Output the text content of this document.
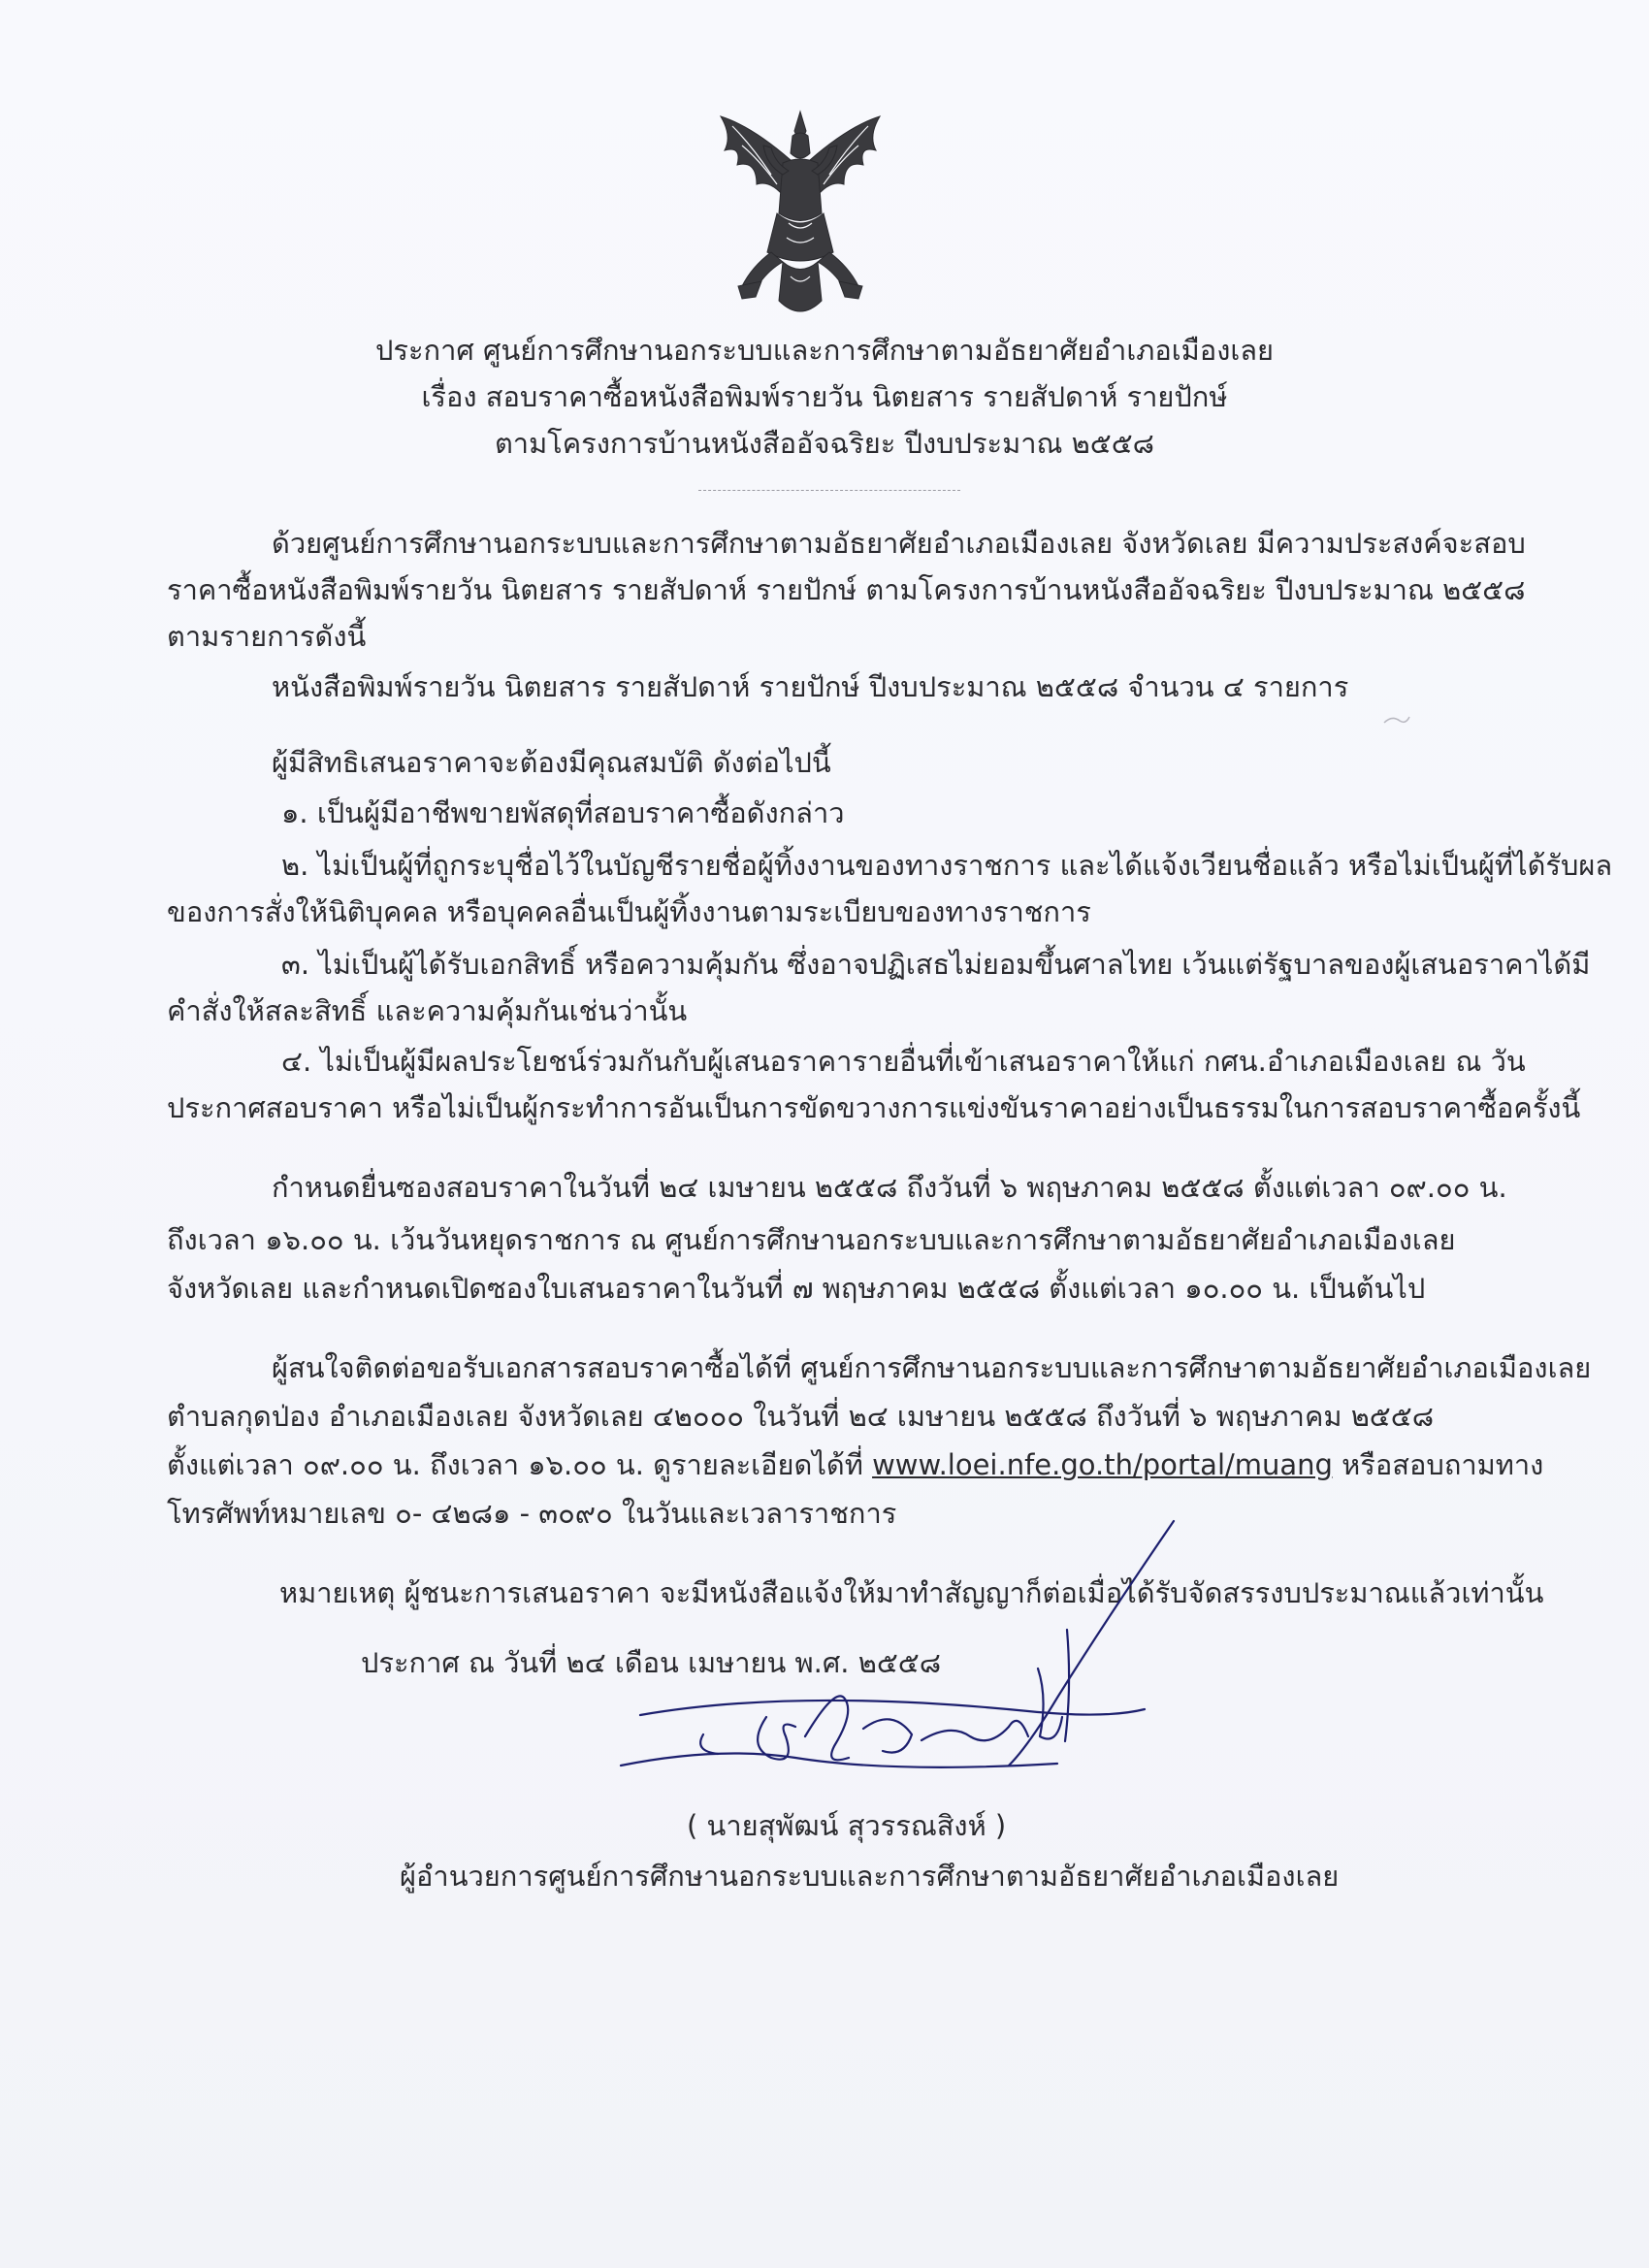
ประกาศ ศูนย์การศึกษานอกระบบและการศึกษาตามอัธยาศัยอำเภอเมืองเลย
เรื่อง สอบราคาซื้อหนังสือพิมพ์รายวัน นิตยสาร รายสัปดาห์ รายปักษ์
ตามโครงการบ้านหนังสืออัจฉริยะ ปีงบประมาณ ๒๕๕๘
ด้วยศูนย์การศึกษานอกระบบและการศึกษาตามอัธยาศัยอำเภอเมืองเลย จังหวัดเลย มีความประสงค์จะสอบ
ราคาซื้อหนังสือพิมพ์รายวัน นิตยสาร รายสัปดาห์ รายปักษ์ ตามโครงการบ้านหนังสืออัจฉริยะ ปีงบประมาณ ๒๕๕๘
ตามรายการดังนี้
หนังสือพิมพ์รายวัน นิตยสาร รายสัปดาห์ รายปักษ์ ปีงบประมาณ ๒๕๕๘ จำนวน ๔ รายการ
ผู้มีสิทธิเสนอราคาจะต้องมีคุณสมบัติ ดังต่อไปนี้
๑. เป็นผู้มีอาชีพขายพัสดุที่สอบราคาซื้อดังกล่าว
๒. ไม่เป็นผู้ที่ถูกระบุชื่อไว้ในบัญชีรายชื่อผู้ทิ้งงานของทางราชการ และได้แจ้งเวียนชื่อแล้ว หรือไม่เป็นผู้ที่ได้รับผล
ของการสั่งให้นิติบุคคล หรือบุคคลอื่นเป็นผู้ทิ้งงานตามระเบียบของทางราชการ
๓. ไม่เป็นผู้ได้รับเอกสิทธิ์ หรือความคุ้มกัน ซึ่งอาจปฏิเสธไม่ยอมขึ้นศาลไทย เว้นแต่รัฐบาลของผู้เสนอราคาได้มี
คำสั่งให้สละสิทธิ์ และความคุ้มกันเช่นว่านั้น
๔. ไม่เป็นผู้มีผลประโยชน์ร่วมกันกับผู้เสนอราคารายอื่นที่เข้าเสนอราคาให้แก่ กศน.อำเภอเมืองเลย ณ วัน
ประกาศสอบราคา หรือไม่เป็นผู้กระทำการอันเป็นการขัดขวางการแข่งขันราคาอย่างเป็นธรรมในการสอบราคาซื้อครั้งนี้
กำหนดยื่นซองสอบราคาในวันที่ ๒๔ เมษายน ๒๕๕๘ ถึงวันที่ ๖ พฤษภาคม ๒๕๕๘ ตั้งแต่เวลา ๐๙.๐๐ น.
ถึงเวลา ๑๖.๐๐ น. เว้นวันหยุดราชการ ณ ศูนย์การศึกษานอกระบบและการศึกษาตามอัธยาศัยอำเภอเมืองเลย
จังหวัดเลย และกำหนดเปิดซองใบเสนอราคาในวันที่ ๗ พฤษภาคม ๒๕๕๘ ตั้งแต่เวลา ๑๐.๐๐ น. เป็นต้นไป
ผู้สนใจติดต่อขอรับเอกสารสอบราคาซื้อได้ที่ ศูนย์การศึกษานอกระบบและการศึกษาตามอัธยาศัยอำเภอเมืองเลย
ตำบลกุดป่อง อำเภอเมืองเลย จังหวัดเลย ๔๒๐๐๐ ในวันที่ ๒๔ เมษายน ๒๕๕๘ ถึงวันที่ ๖ พฤษภาคม ๒๕๕๘
ตั้งแต่เวลา ๐๙.๐๐ น. ถึงเวลา ๑๖.๐๐ น. ดูรายละเอียดได้ที่ www.loei.nfe.go.th/portal/muang หรือสอบถามทาง
โทรศัพท์หมายเลข ๐- ๔๒๘๑ - ๓๐๙๐ ในวันและเวลาราชการ
หมายเหตุ ผู้ชนะการเสนอราคา จะมีหนังสือแจ้งให้มาทำสัญญาก็ต่อเมื่อได้รับจัดสรรงบประมาณแล้วเท่านั้น
ประกาศ ณ วันที่ ๒๔ เดือน เมษายน พ.ศ. ๒๕๕๘
( นายสุพัฒน์ สุวรรณสิงห์ )
ผู้อำนวยการศูนย์การศึกษานอกระบบและการศึกษาตามอัธยาศัยอำเภอเมืองเลย
